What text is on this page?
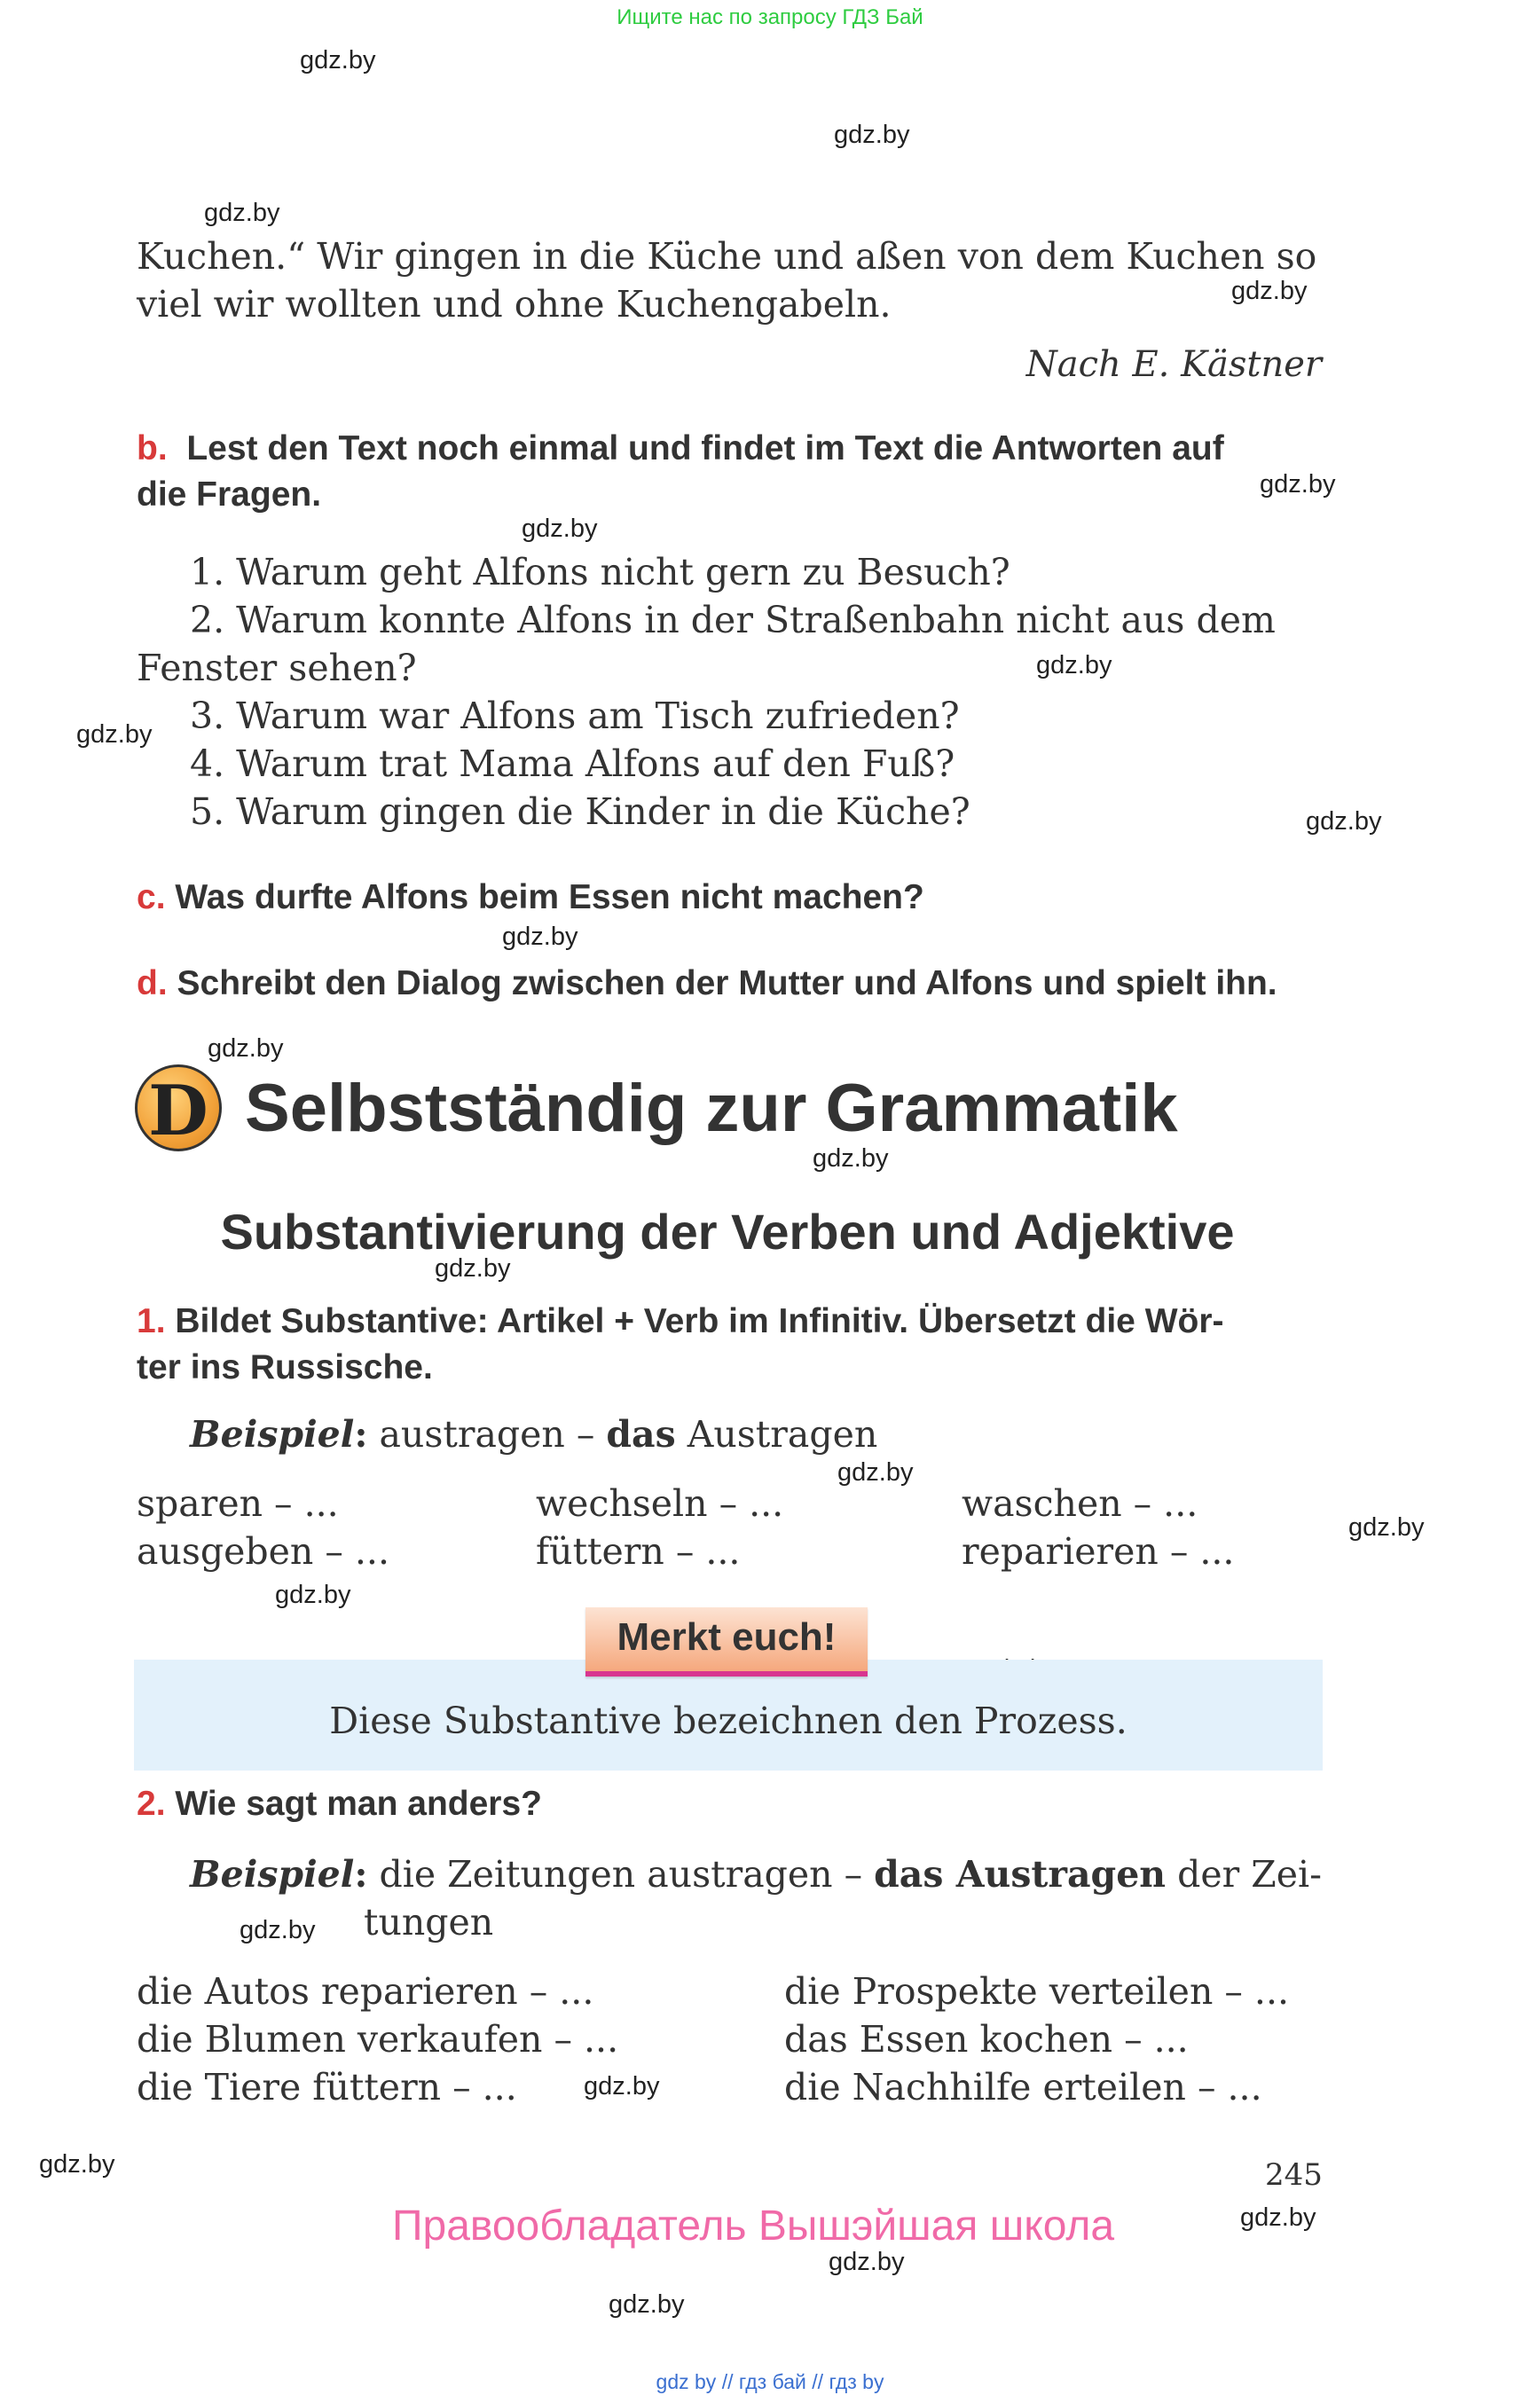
Ищите нас по запросу ГДЗ Бай
gdz.by
gdz.by
gdz.by
gdz.by
gdz.by
gdz.by
gdz.by
gdz.by
gdz.by
gdz.by
gdz.by
gdz.by
gdz.by
gdz.by
gdz.by
gdz.by
gdz.by
gdz.by
gdz.by
gdz.by
gdz.by
gdz.by
Kuchen.“ Wir gingen in die Küche und aßen von dem Kuchen so
viel wir wollten und ohne Kuchengabeln.
Nach E. Kästner
b. Lest den Text noch einmal und findet im Text die Antworten auf
die Fragen.
1. Warum geht Alfons nicht gern zu Besuch?
2. Warum konnte Alfons in der Straßenbahn nicht aus dem
Fenster sehen?
3. Warum war Alfons am Tisch zufrieden?
4. Warum trat Mama Alfons auf den Fuß?
5. Warum gingen die Kinder in die Küche?
c. Was durfte Alfons beim Essen nicht machen?
d. Schreibt den Dialog zwischen der Mutter und Alfons und spielt ihn.
D Selbstständig zur Grammatik
Substantivierung der Verben und Adjektive
1. Bildet Substantive: Artikel + Verb im Infinitiv. Übersetzt die Wör-
ter ins Russische.
Beispiel: austragen – das Austragen
sparen – ...
ausgeben – ...
wechseln – ...
füttern – ...
waschen – ...
reparieren – ...
Diese Substantive bezeichnen den Prozess.
Merkt euch!
2. Wie sagt man anders?
Beispiel: die Zeitungen austragen – das Austragen der Zei-
tungen
die Autos reparieren – ...
die Blumen verkaufen – ...
die Tiere füttern – ...
die Prospekte verteilen – ...
das Essen kochen – ...
die Nachhilfe erteilen – ...
245
Правообладатель Вышэйшая школа
gdz by // гдз бай // гдз by
